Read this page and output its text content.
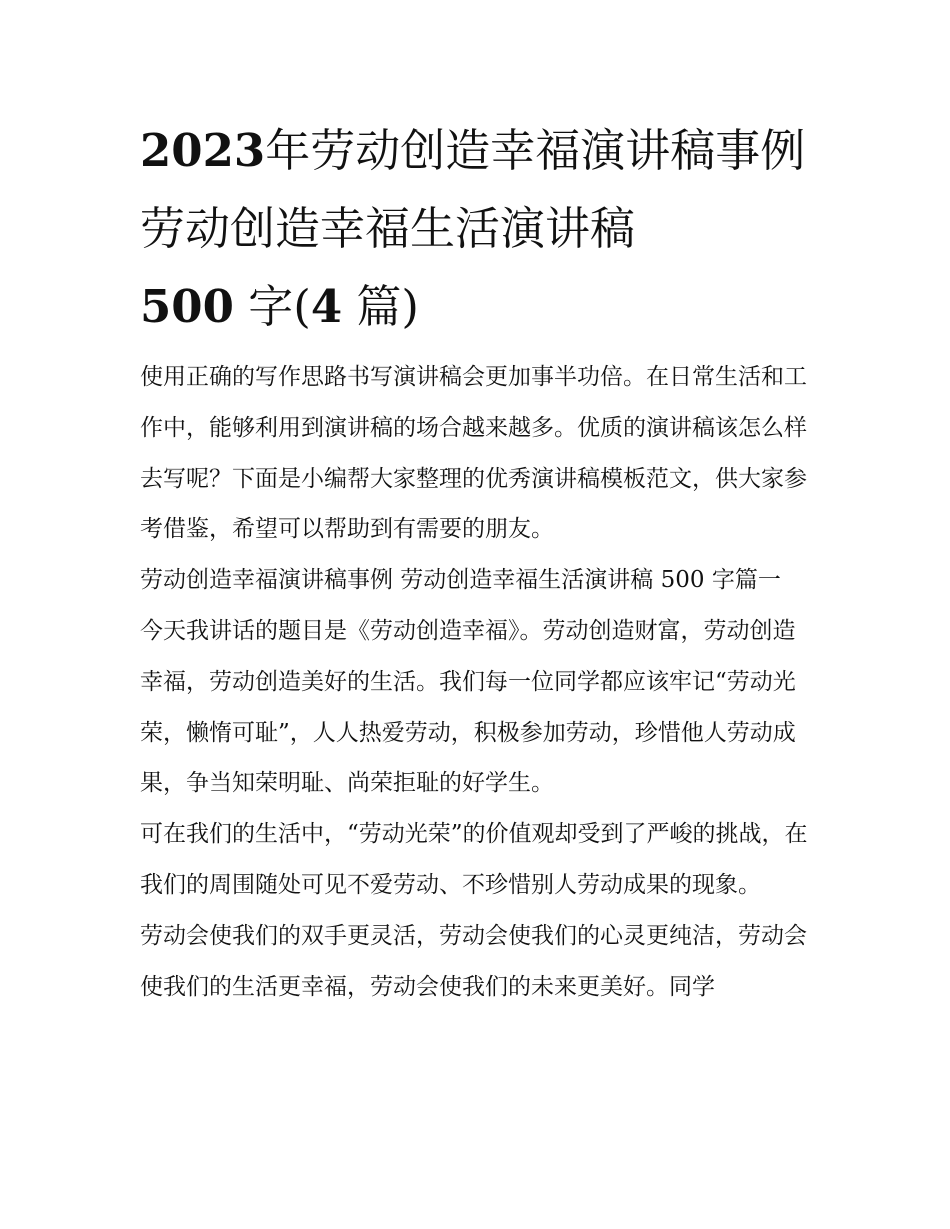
2023年劳动创造幸福演讲稿事例 劳动创造幸福生活演讲稿
500 字(4 篇)

使用正确的写作思路书写演讲稿会更加事半功倍。在日常生活和工作中，能够利用到演讲稿的场合越来越多。优质的演讲稿该怎么样去写呢？下面是小编帮大家整理的优秀演讲稿模板范文，供大家参考借鉴，希望可以帮助到有需要的朋友。

劳动创造幸福演讲稿事例 劳动创造幸福生活演讲稿 500 字篇一

今天我讲话的题目是《劳动创造幸福》。劳动创造财富，劳动创造幸福，劳动创造美好的生活。我们每一位同学都应该牢记“劳动光荣，懒惰可耻”，人人热爱劳动，积极参加劳动，珍惜他人劳动成果，争当知荣明耻、尚荣拒耻的好学生。

可在我们的生活中，“劳动光荣”的价值观却受到了严峻的挑战，在我们的周围随处可见不爱劳动、不珍惜别人劳动成果的现象。

劳动会使我们的双手更灵活，劳动会使我们的心灵更纯洁，劳动会使我们的生活更幸福，劳动会使我们的未来更美好。同学
